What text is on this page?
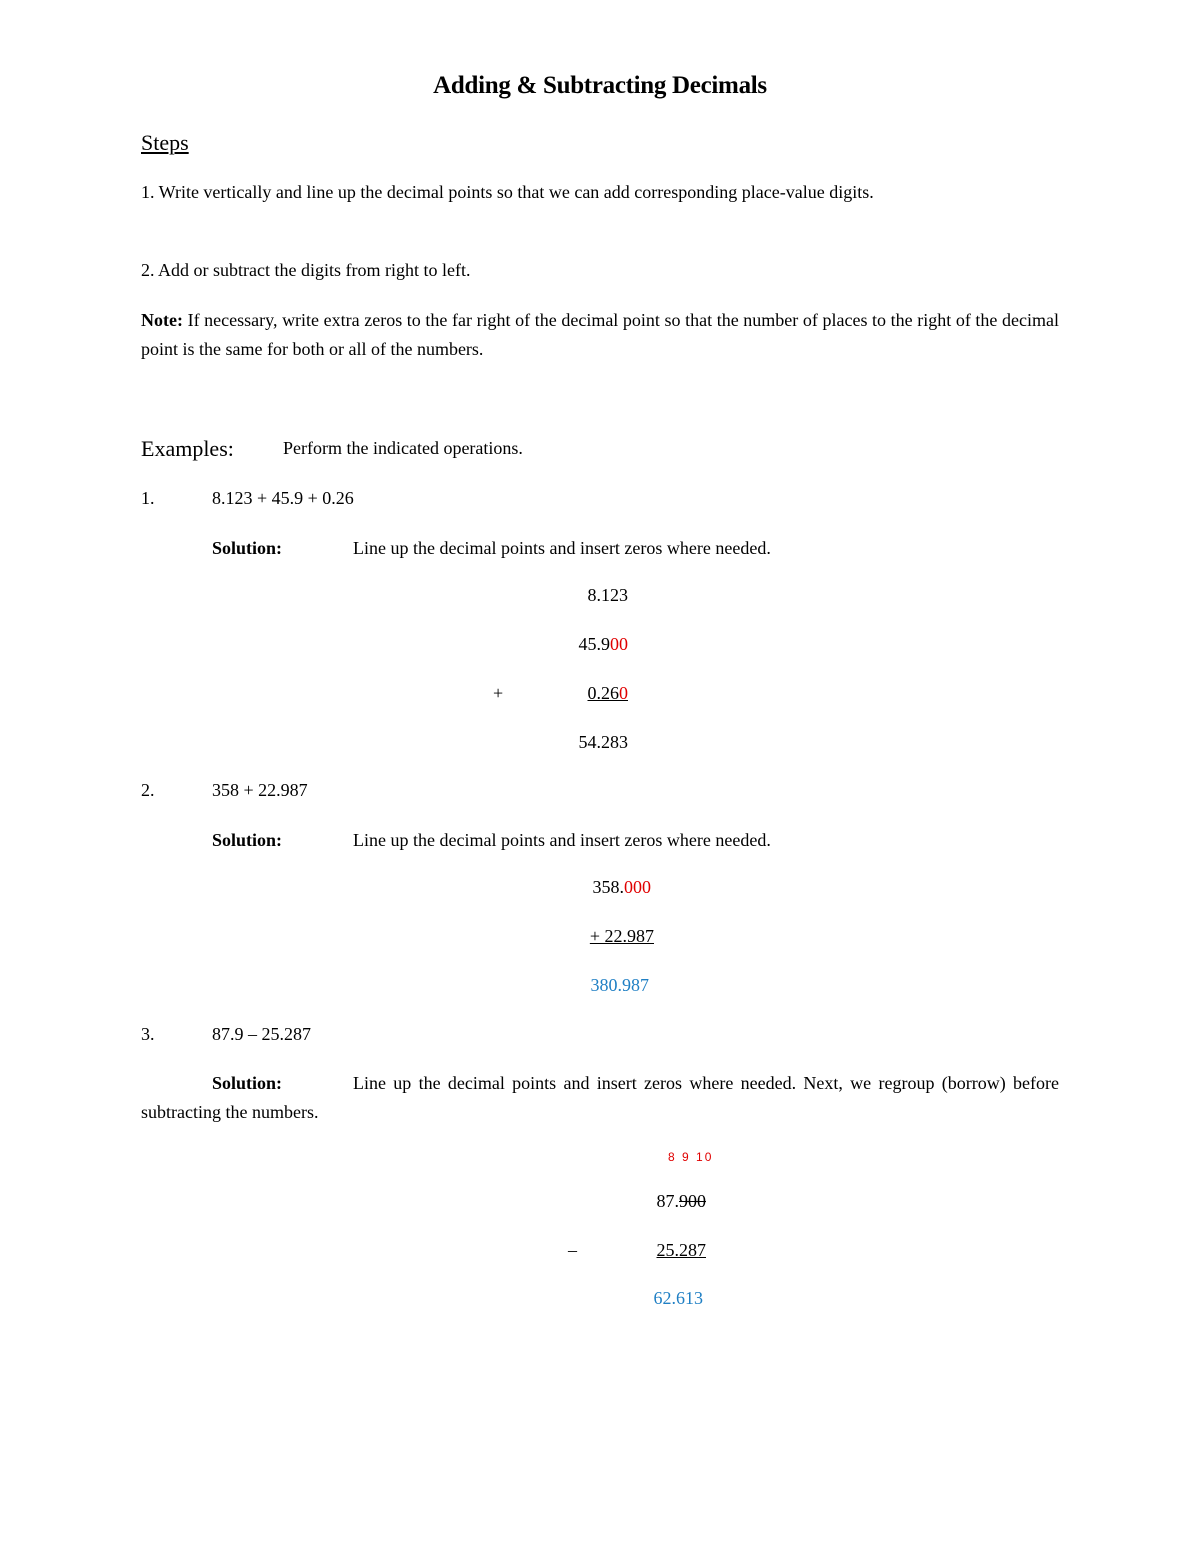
Adding & Subtracting Decimals
Steps
1. Write vertically and line up the decimal points so that we can add corresponding place-value digits.
2. Add or subtract the digits from right to left.
Note: If necessary, write extra zeros to the far right of the decimal point so that the number of places to the right of the decimal point is the same for both or all of the numbers.
Examples:	Perform the indicated operations.
1.	8.123 + 45.9 + 0.26
Solution:	Line up the decimal points and insert zeros where needed.
8.123
45.900
+	0.260
54.283
2.	358 + 22.987
Solution:	Line up the decimal points and insert zeros where needed.
358.000
+ 22.987
380.987
3.	87.9 – 25.287
Solution:	Line up the decimal points and insert zeros where needed. Next, we regroup (borrow) before subtracting the numbers.
8 9 10
87.900
–	25.287
62.613
